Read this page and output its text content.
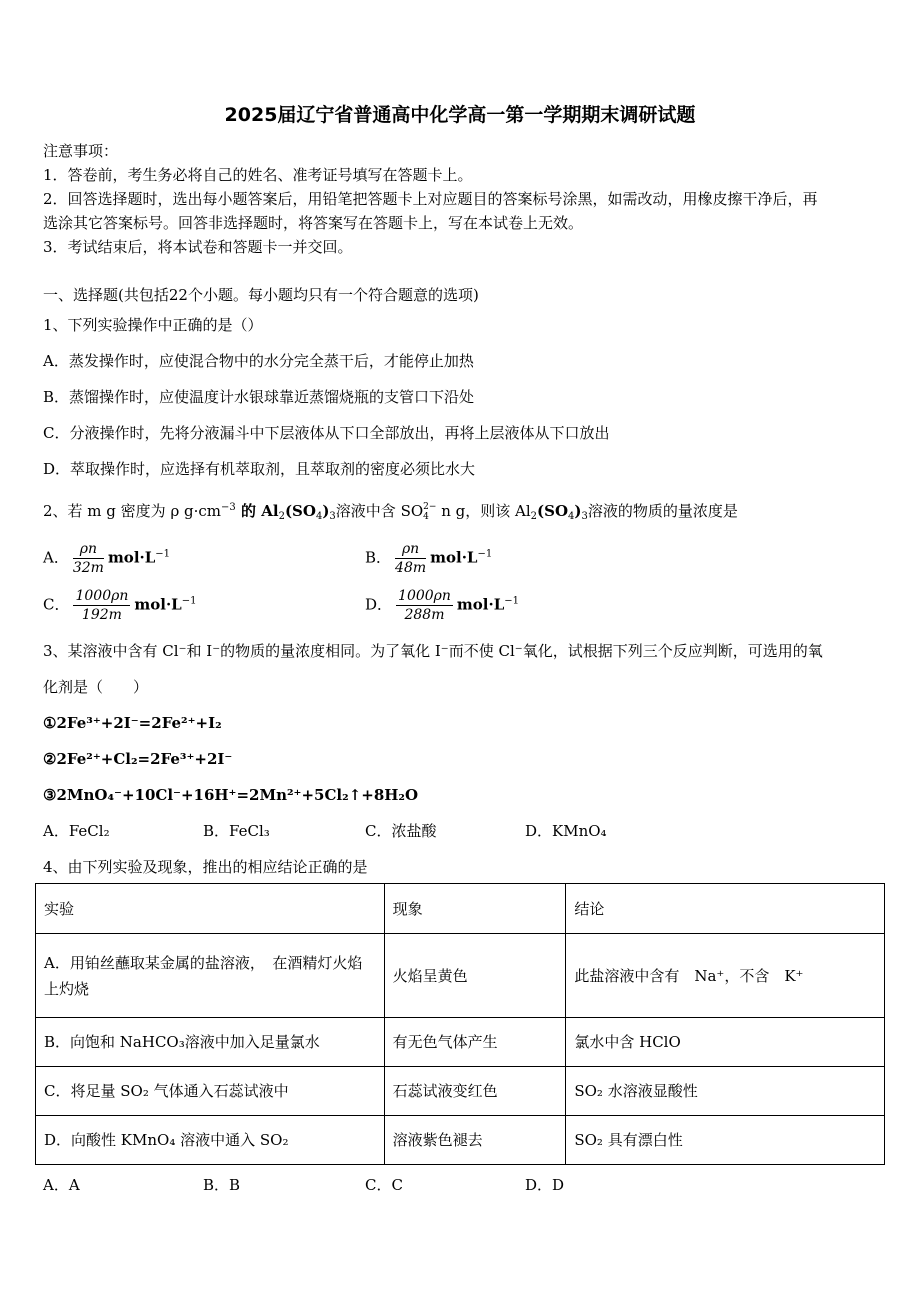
2025届辽宁省普通高中化学高一第一学期期末调研试题
注意事项：
1．答卷前，考生务必将自己的姓名、准考证号填写在答题卡上。
2．回答选择题时，选出每小题答案后，用铅笔把答题卡上对应题目的答案标号涂黑，如需改动，用橡皮擦干净后，再
选涂其它答案标号。回答非选择题时，将答案写在答题卡上，写在本试卷上无效。
3．考试结束后，将本试卷和答题卡一并交回。
一、选择题(共包括22个小题。每小题均只有一个符合题意的选项)
1、下列实验操作中正确的是（）
A．蒸发操作时，应使混合物中的水分完全蒸干后，才能停止加热
B．蒸馏操作时，应使温度计水银球靠近蒸馏烧瓶的支管口下沿处
C．分液操作时，先将分液漏斗中下层液体从下口全部放出，再将上层液体从下口放出
D．萃取操作时，应选择有机萃取剂，且萃取剂的密度必须比水大
2、若 m g 密度为 ρ $g\cdot cm^{-3}$ 的 $Al_2(SO_4)_3$溶液中含 SO2−
4 n g，则该 $Al_2(SO_4)_3$溶液的物质的量浓度是
A． $\frac{\rho n}{32m} mol\cdot L^{-1}$	B． $\frac{\rho n}{48m} mol\cdot L^{-1}$
C． $\frac{1000\rho n}{192m} mol\cdot L^{-1}$	D． $\frac{1000\rho n}{288m} mol\cdot L^{-1}$
3、某溶液中含有 Cl⁻和 I⁻的物质的量浓度相同。为了氧化 I⁻而不使 Cl⁻氧化，试根据下列三个反应判断，可选用的氧
化剂是（　　）
①2Fe³⁺+2I⁻=2Fe²⁺+I₂
②2Fe²⁺+Cl₂=2Fe³⁺+2I⁻
③2MnO₄⁻+10Cl⁻+16H⁺=2Mn²⁺+5Cl₂↑+8H₂O
A．FeCl₂	B．FeCl₃	C．浓盐酸	D．KMnO₄
4、由下列实验及现象，推出的相应结论正确的是
实验	现象	结论
A．用铂丝蘸取某金属的盐溶液，　在酒精灯火焰上灼烧	火焰呈黄色	此盐溶液中含有　Na⁺，不含　K⁺
B．向饱和 NaHCO₃溶液中加入足量氯水	有无色气体产生	氯水中含 HClO
C．将足量 SO₂ 气体通入石蕊试液中	石蕊试液变红色	SO₂ 水溶液显酸性
D．向酸性 KMnO₄ 溶液中通入 SO₂	溶液紫色褪去	SO₂ 具有漂白性
A．A	B．B	C．C	D．D
